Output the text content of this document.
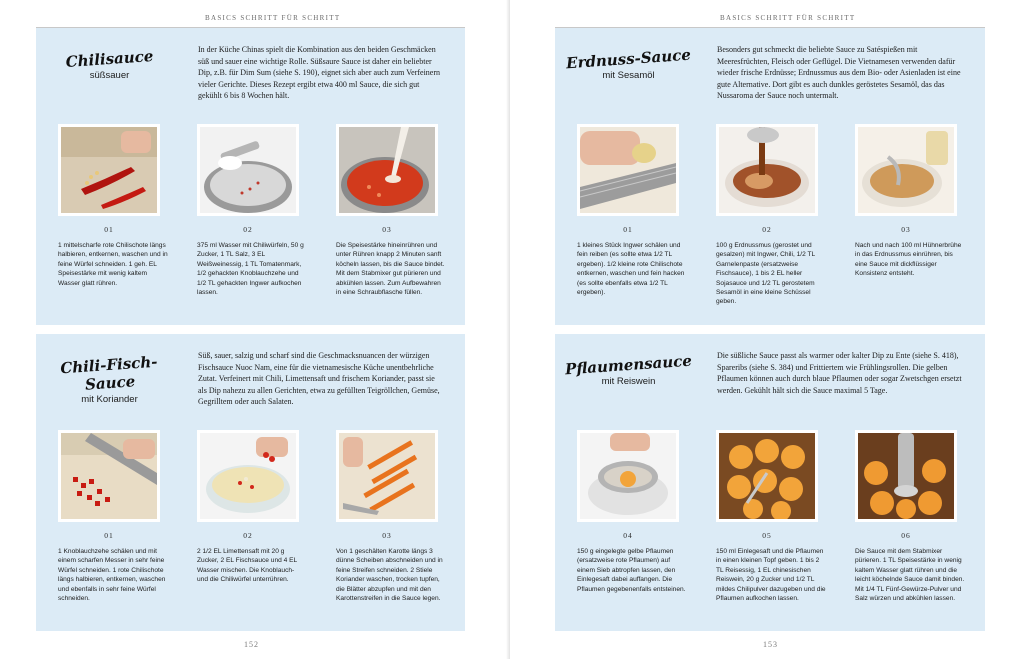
BASICS SCHRITT FÜR SCHRITT
Chilisauce
süßsauer
In der Küche Chinas spielt die Kombination aus den beiden Geschmäcken süß und sauer eine wichtige Rolle. Süßsaure Sauce ist daher ein beliebter Dip, z.B. für Dim Sum (siehe S. 190), eignet sich aber auch zum Verfeinern vieler Gerichte. Dieses Rezept ergibt etwa 400 ml Sauce, die sich gut gekühlt 6 bis 8 Wochen hält.
01
1 mittelscharfe rote Chilischote längs halbieren, entkernen, waschen und in feine Würfel schneiden. 1 geh. EL Speisestärke mit wenig kaltem Wasser glatt rühren.
02
375 ml Wasser mit Chiliwürfeln, 50 g Zucker, 1 TL Salz, 3 EL Weißweinessig, 1 TL Tomatenmark, 1/2 gehackten Knoblauchzehe und 1/2 TL gehackten Ingwer aufkochen lassen.
03
Die Speisestärke hineinrühren und unter Rühren knapp 2 Minuten sanft köcheln lassen, bis die Sauce bindet. Mit dem Stabmixer gut pürieren und abkühlen lassen. Zum Aufbewahren in eine Schraubflasche füllen.
Chili-Fisch-Sauce
mit Koriander
Süß, sauer, salzig und scharf sind die Geschmacksnuancen der würzigen Fischsauce Nuoc Nam, eine für die vietnamesische Küche unentbehrliche Zutat. Verfeinert mit Chili, Limettensaft und frischem Koriander, passt sie als Dip nahezu zu allen Gerichten, etwa zu gefüllten Teigröllchen, Gemüse, Gegrilltem oder auch Salaten.
01
1 Knoblauchzehe schälen und mit einem scharfen Messer in sehr feine Würfel schneiden. 1 rote Chilischote längs halbieren, entkernen, waschen und ebenfalls in sehr feine Würfel schneiden.
02
2 1/2 EL Limettensaft mit 20 g Zucker, 2 EL Fischsauce und 4 EL Wasser mischen. Die Knoblauch- und die Chiliwürfel unterrühren.
03
Von 1 geschälten Karotte längs 3 dünne Scheiben abschneiden und in feine Streifen schneiden. 2 Stiele Koriander waschen, trocken tupfen, die Blätter abzupfen und mit den Karottenstreifen in die Sauce legen.
152
BASICS SCHRITT FÜR SCHRITT
Erdnuss-Sauce
mit Sesamöl
Besonders gut schmeckt die beliebte Sauce zu Satéspießen mit Meeresfrüchten, Fleisch oder Geflügel. Die Vietnamesen verwenden dafür wieder frische Erdnüsse; Erdnussmus aus dem Bio- oder Asienladen ist eine gute Alternative. Dort gibt es auch dunkles geröstetes Sesamöl, das das Nussaroma der Sauce noch untermalt.
01
1 kleines Stück Ingwer schälen und fein reiben (es sollte etwa 1/2 TL ergeben). 1/2 kleine rote Chilischote entkernen, waschen und fein hacken (es sollte ebenfalls etwa 1/2 TL ergeben).
02
100 g Erdnussmus (gerostet und gesalzen) mit Ingwer, Chili, 1/2 TL Garnelenpaste (ersatzweise Fischsauce), 1 bis 2 EL heller Sojasauce und 1/2 TL gerostetem Sesamöl in eine kleine Schüssel geben.
03
Nach und nach 100 ml Hühnerbrühe in das Erdnussmus einrühren, bis eine Sauce mit dickflüssiger Konsistenz entsteht.
Pflaumensauce
mit Reiswein
Die süßliche Sauce passt als warmer oder kalter Dip zu Ente (siehe S. 418), Spareribs (siehe S. 384) und Frittiertem wie Frühlingsrollen. Die gelben Pflaumen können auch durch blaue Pflaumen oder sogar Zwetschgen ersetzt werden. Gekühlt hält sich die Sauce maximal 5 Tage.
04
150 g eingelegte gelbe Pflaumen (ersatzweise rote Pflaumen) auf einem Sieb abtropfen lassen, den Einlegesaft dabei auffangen. Die Pflaumen gegebenenfalls entsteinen.
05
150 ml Einlegesaft und die Pflaumen in einen kleinen Topf geben. 1 bis 2 TL Reisessig, 1 EL chinesischen Reiswein, 20 g Zucker und 1/2 TL mildes Chilipulver dazugeben und die Pflaumen aufkochen lassen.
06
Die Sauce mit dem Stabmixer pürieren. 1 TL Speisestärke in wenig kaltem Wasser glatt rühren und die leicht köchelnde Sauce damit binden. Mit 1/4 TL Fünf-Gewürze-Pulver und Salz würzen und abkühlen lassen.
153
